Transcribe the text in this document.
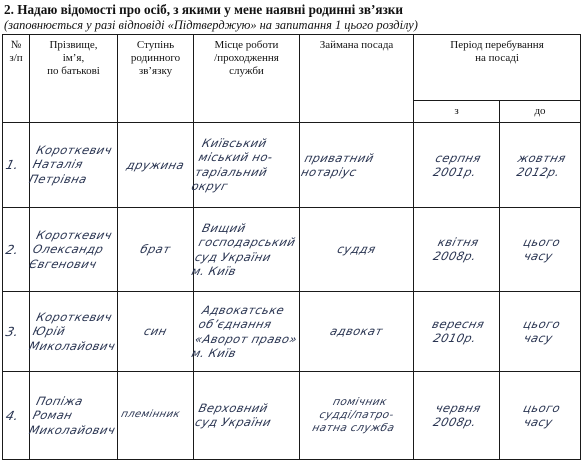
2. Надаю відомості про осіб, з якими у мене наявні родинні зв’язки
(заповнюється у разі відповіді «Підтверджую» на запитання 1 цього розділу)
№
з/п	Прізвище,
ім’я,
по батькові	Ступінь
родинного
зв’язку	Місце роботи
/проходження
служби	Займана посада	Період перебування
на посаді	
					з	до

1.	Короткевич
Наталія
Петрівна	дружина	Київський
міський но-
таріальний
округ	приватний
нотаріус	серпня
2001р.	жовтня
2012р.

2.	Короткевич
Олександр
Євгенович	брат	Вищий
господарський
суд України
м. Київ	суддя	квітня
2008р.	цього
часу

3.	Короткевич
Юрій
Миколайович	син	Адвокатське
об’єднання
«Аворот право»
м. Київ	адвокат	вересня
2010р.	цього
часу

4.	Попіжа
Роман
Миколайович	племінник	Верховний
суд України	помічник
судді/патро-
натна служба	червня
2008р.	цього
часу
